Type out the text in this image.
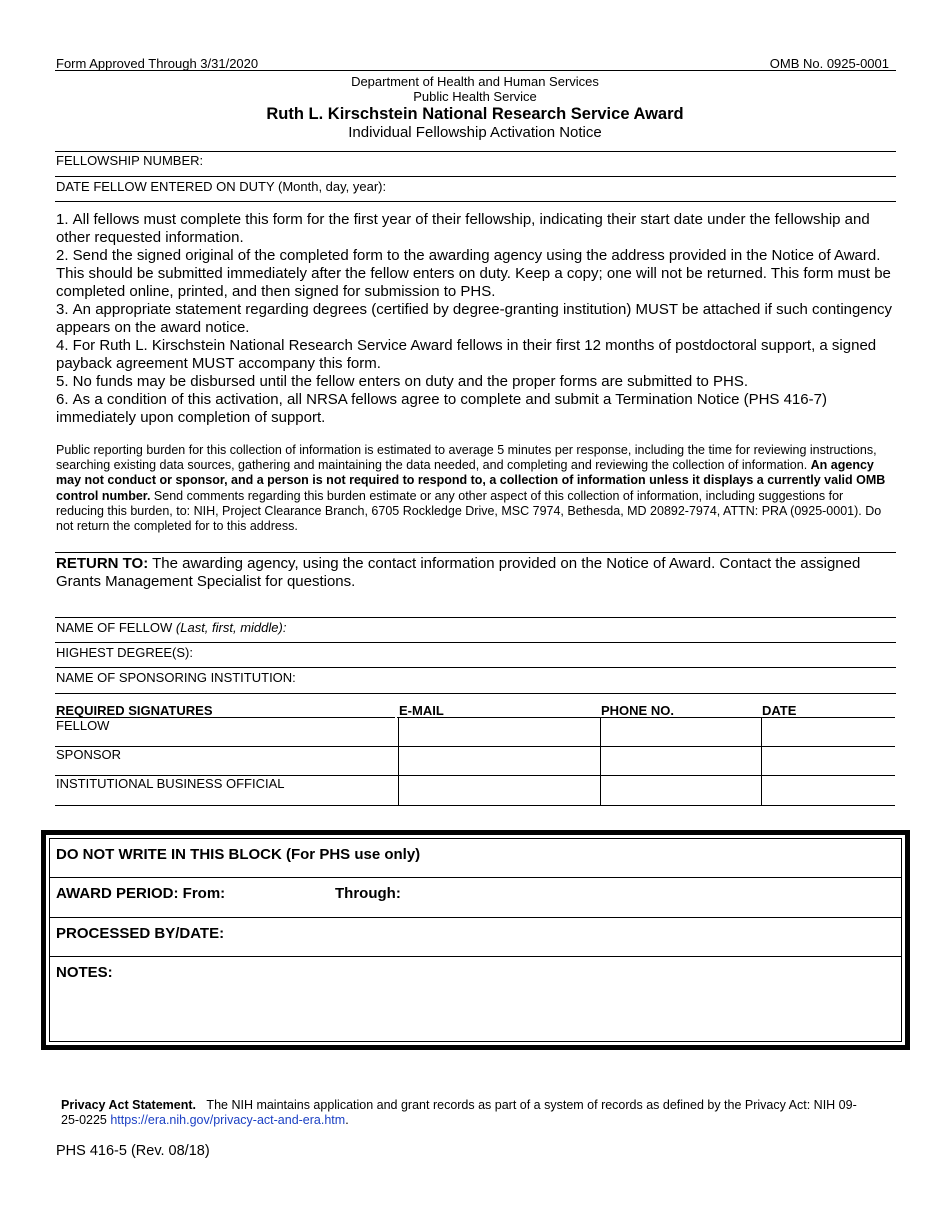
Form Approved Through 3/31/2020	OMB No. 0925-0001
Department of Health and Human Services
Public Health Service
Ruth L. Kirschstein National Research Service Award
Individual Fellowship Activation Notice
FELLOWSHIP NUMBER:
DATE FELLOW ENTERED ON DUTY (Month, day, year):

1. All fellows must complete this form for the first year of their fellowship, indicating their start date under the fellowship and other requested information.

2. Send the signed original of the completed form to the awarding agency using the address provided in the Notice of Award. This should be submitted immediately after the fellow enters on duty. Keep a copy; one will not be returned. This form must be completed online, printed, and then signed for submission to PHS.

3. An appropriate statement regarding degrees (certified by degree-granting institution) MUST be attached if such contingency appears on the award notice.

4. For Ruth L. Kirschstein National Research Service Award fellows in their first 12 months of postdoctoral support, a signed payback agreement MUST accompany this form.

5. No funds may be disbursed until the fellow enters on duty and the proper forms are submitted to PHS.

6. As a condition of this activation, all NRSA fellows agree to complete and submit a Termination Notice (PHS 416-7) immediately upon completion of support.

Public reporting burden for this collection of information is estimated to average 5 minutes per response, including the time for reviewing instructions, searching existing data sources, gathering and maintaining the data needed, and completing and reviewing the collection of information. An agency may not conduct or sponsor, and a person is not required to respond to, a collection of information unless it displays a currently valid OMB control number. Send comments regarding this burden estimate or any other aspect of this collection of information, including suggestions for reducing this burden, to: NIH, Project Clearance Branch, 6705 Rockledge Drive, MSC 7974, Bethesda, MD 20892-7974, ATTN: PRA (0925-0001). Do not return the completed for to this address.
RETURN TO: The awarding agency, using the contact information provided on the Notice of Award. Contact the assigned Grants Management Specialist for questions.
NAME OF FELLOW (Last, first, middle):
HIGHEST DEGREE(S):
NAME OF SPONSORING INSTITUTION:
REQUIRED SIGNATURES	E-MAIL	PHONE NO.	DATE
FELLOW
SPONSOR
INSTITUTIONAL BUSINESS OFFICIAL
DO NOT WRITE IN THIS BLOCK (For PHS use only)
AWARD PERIOD: From:	Through:
PROCESSED BY/DATE:
NOTES:
Privacy Act Statement.   The NIH maintains application and grant records as part of a system of records as defined by the Privacy Act: NIH 09-25-0225 https://era.nih.gov/privacy-act-and-era.htm.
PHS 416-5 (Rev. 08/18)
